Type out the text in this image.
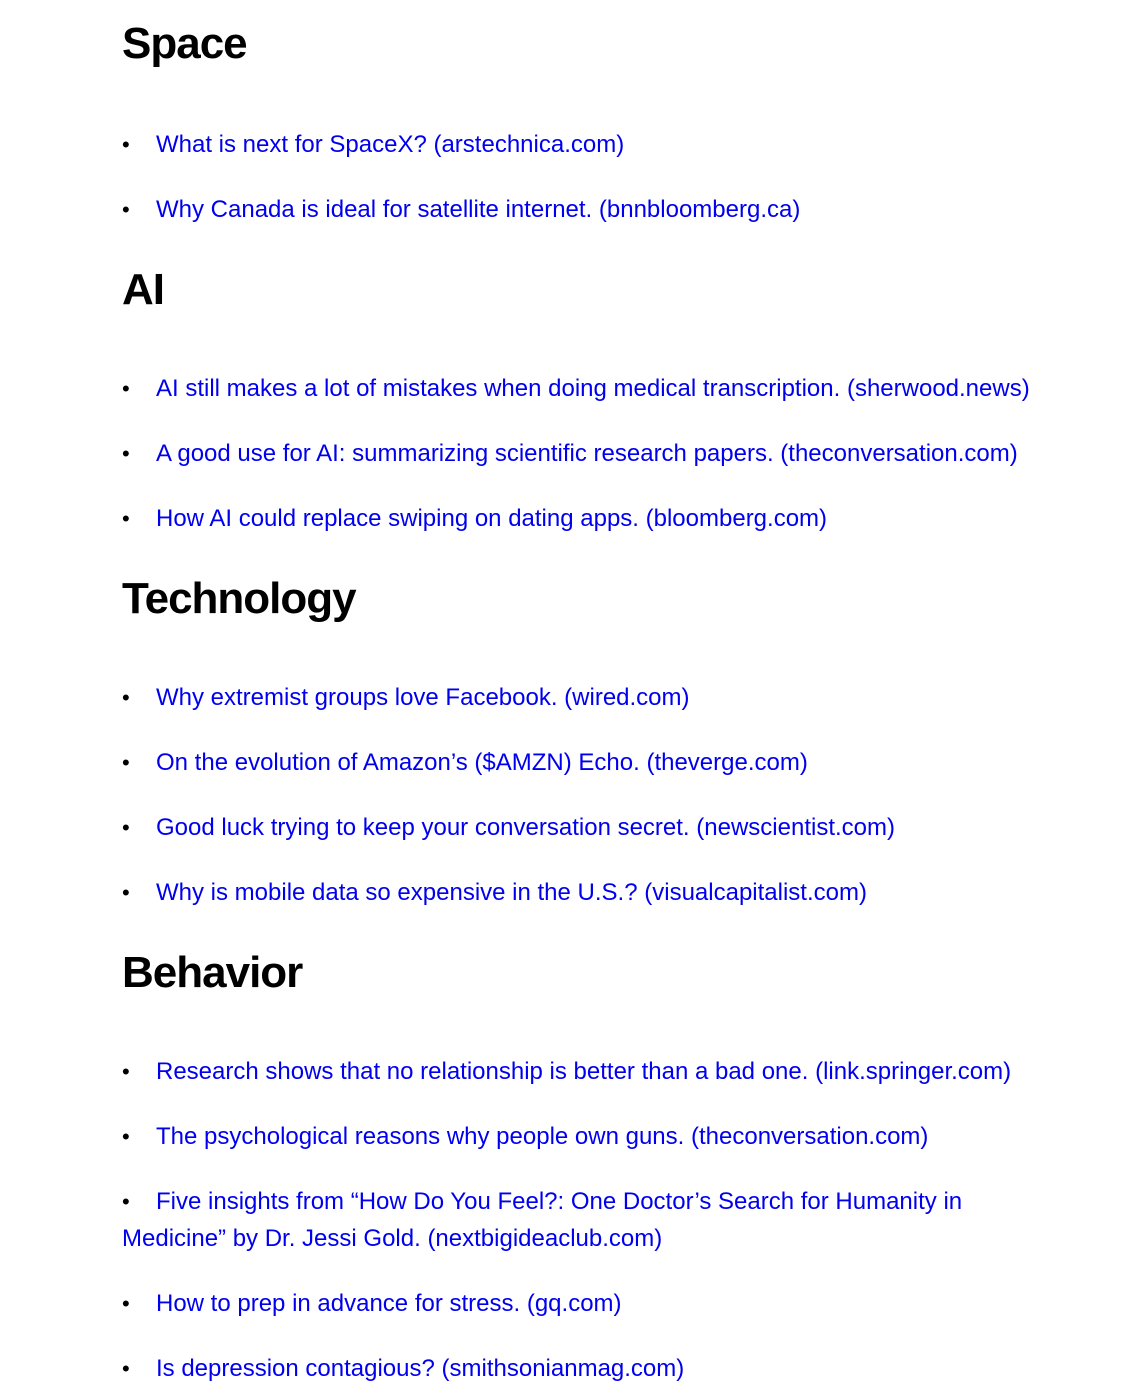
Space
• What is next for SpaceX? (arstechnica.com)
• Why Canada is ideal for satellite internet. (bnnbloomberg.ca)
AI
• AI still makes a lot of mistakes when doing medical transcription. (sherwood.news)
• A good use for AI: summarizing scientific research papers. (theconversation.com)
• How AI could replace swiping on dating apps. (bloomberg.com)
Technology
• Why extremist groups love Facebook. (wired.com)
• On the evolution of Amazon’s ($AMZN) Echo. (theverge.com)
• Good luck trying to keep your conversation secret. (newscientist.com)
• Why is mobile data so expensive in the U.S.? (visualcapitalist.com)
Behavior
• Research shows that no relationship is better than a bad one. (link.springer.com)
• The psychological reasons why people own guns. (theconversation.com)
• Five insights from “How Do You Feel?: One Doctor’s Search for Humanity in Medicine” by Dr. Jessi Gold. (nextbigideaclub.com)
• How to prep in advance for stress. (gq.com)
• Is depression contagious? (smithsonianmag.com)
